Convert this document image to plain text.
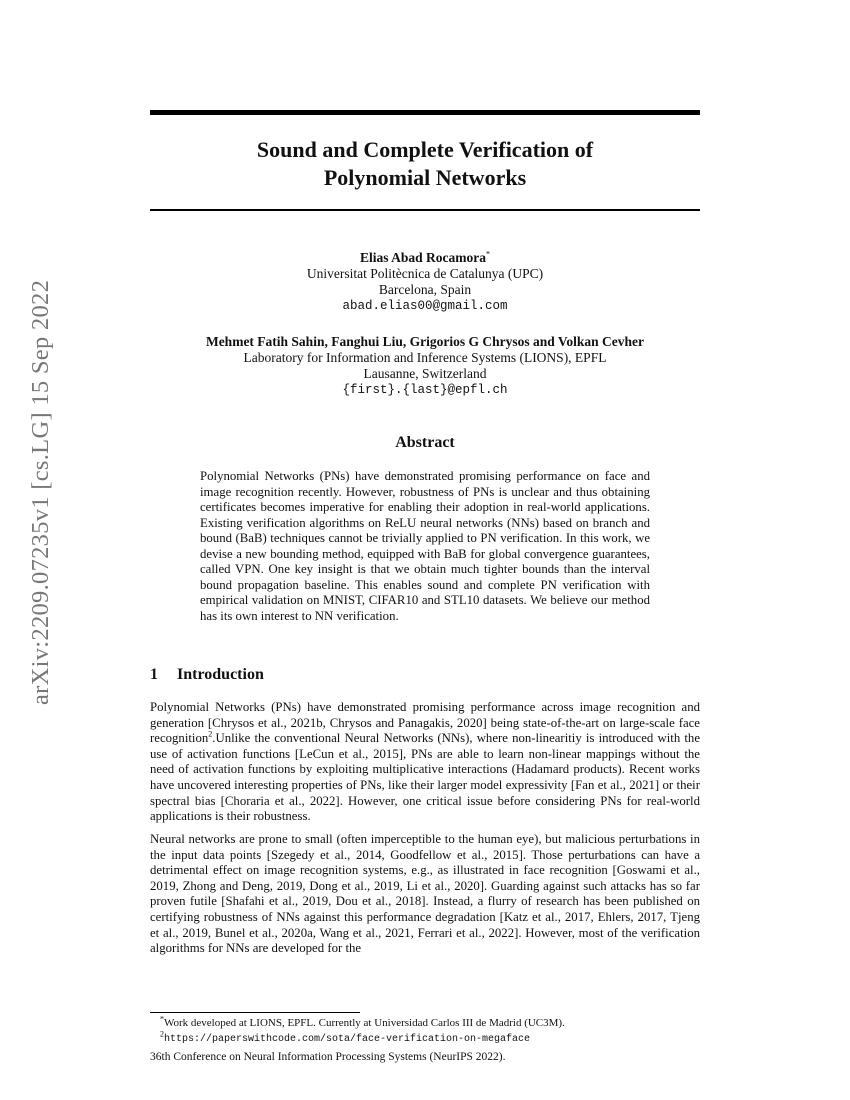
arXiv:2209.07235v1 [cs.LG] 15 Sep 2022
Sound and Complete Verification of
Polynomial Networks
Elias Abad Rocamora*
Universitat Politècnica de Catalunya (UPC)
Barcelona, Spain
abad.elias00@gmail.com
Mehmet Fatih Sahin, Fanghui Liu, Grigorios G Chrysos and Volkan Cevher
Laboratory for Information and Inference Systems (LIONS), EPFL
Lausanne, Switzerland
{first}.{last}@epfl.ch
Abstract
Polynomial Networks (PNs) have demonstrated promising performance on face and image recognition recently. However, robustness of PNs is unclear and thus obtaining certificates becomes imperative for enabling their adoption in real-world applications. Existing verification algorithms on ReLU neural networks (NNs) based on branch and bound (BaB) techniques cannot be trivially applied to PN verification. In this work, we devise a new bounding method, equipped with BaB for global convergence guarantees, called VPN. One key insight is that we obtain much tighter bounds than the interval bound propagation baseline. This enables sound and complete PN verification with empirical validation on MNIST, CIFAR10 and STL10 datasets. We believe our method has its own interest to NN verification.
1 Introduction
Polynomial Networks (PNs) have demonstrated promising performance across image recognition and generation [Chrysos et al., 2021b, Chrysos and Panagakis, 2020] being state-of-the-art on large-scale face recognition$^2$.Unlike the conventional Neural Networks (NNs), where non-linearitiy is introduced with the use of activation functions [LeCun et al., 2015], PNs are able to learn non-linear mappings without the need of activation functions by exploiting multiplicative interactions (Hadamard products). Recent works have uncovered interesting properties of PNs, like their larger model expressivity [Fan et al., 2021] or their spectral bias [Choraria et al., 2022]. However, one critical issue before considering PNs for real-world applications is their robustness.
Neural networks are prone to small (often imperceptible to the human eye), but malicious perturbations in the input data points [Szegedy et al., 2014, Goodfellow et al., 2015]. Those perturbations can have a detrimental effect on image recognition systems, e.g., as illustrated in face recognition [Goswami et al., 2019, Zhong and Deng, 2019, Dong et al., 2019, Li et al., 2020]. Guarding against such attacks has so far proven futile [Shafahi et al., 2019, Dou et al., 2018]. Instead, a flurry of research has been published on certifying robustness of NNs against this performance degradation [Katz et al., 2017, Ehlers, 2017, Tjeng et al., 2019, Bunel et al., 2020a, Wang et al., 2021, Ferrari et al., 2022]. However, most of the verification algorithms for NNs are developed for the
*Work developed at LIONS, EPFL. Currently at Universidad Carlos III de Madrid (UC3M).
$^2$https://paperswithcode.com/sota/face-verification-on-megaface
36th Conference on Neural Information Processing Systems (NeurIPS 2022).
